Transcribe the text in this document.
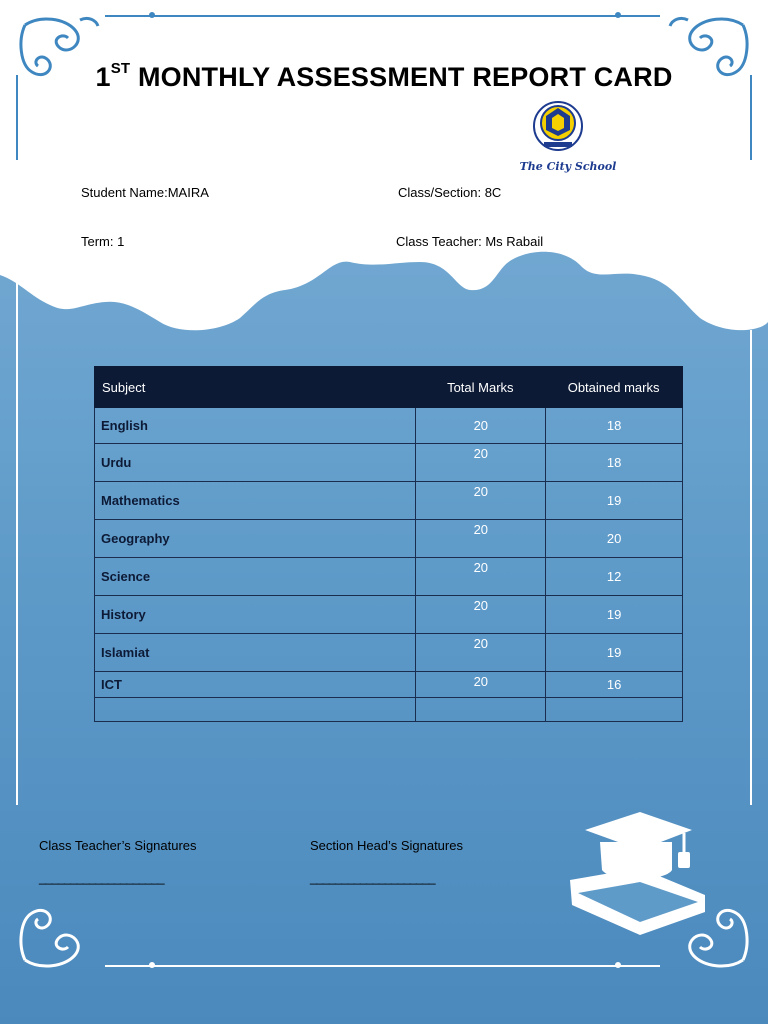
1ST MONTHLY ASSESSMENT REPORT CARD
The City School
Student Name:MAIRA	Class/Section: 8C
Term: 1	Class Teacher: Ms Rabail
Subject	Total Marks	Obtained marks
English	20	18
Urdu	20	18
Mathematics	20	19
Geography	20	20
Science	20	12
History	20	19
Islamiat	20	19
ICT	20	16

Class Teacher’s Signatures
____________________
Section Head’s Signatures
____________________
